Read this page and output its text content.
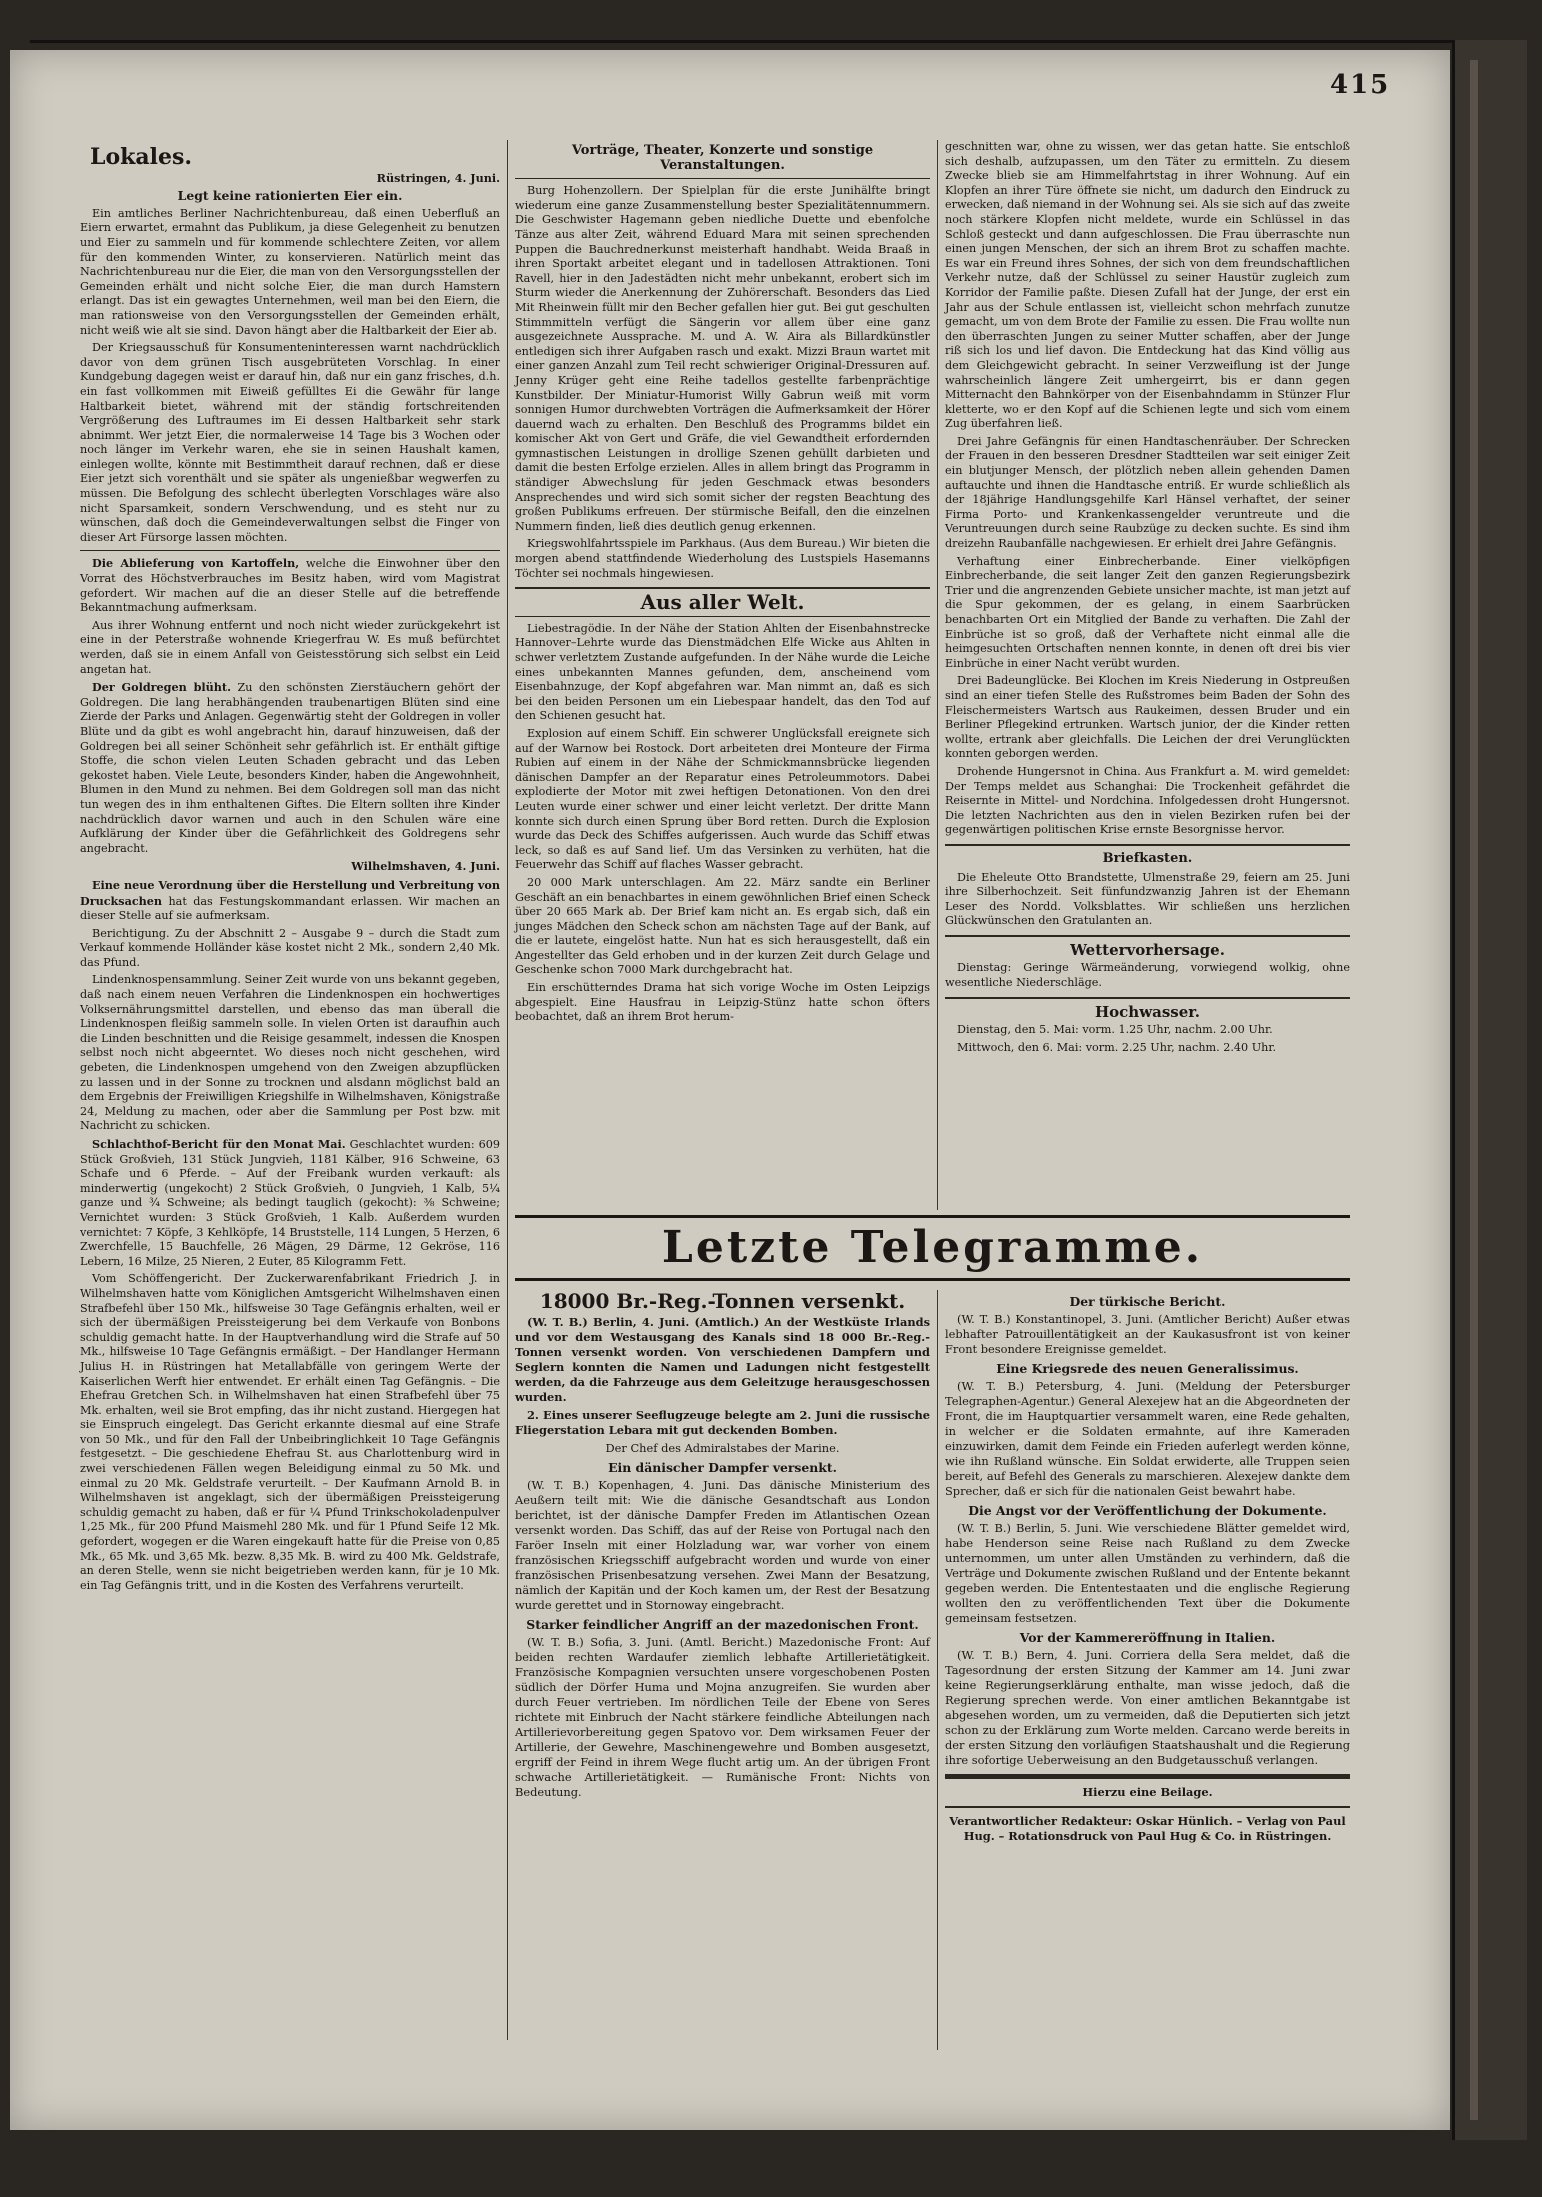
415
Lokales.

Rüstringen, 4. Juni.

Legt keine rationierten Eier ein.

Ein amtliches Berliner Nachrichtenbureau, daß einen Ueberfluß an Eiern erwartet, ermahnt das Publikum, ja diese Gelegenheit zu benutzen und Eier zu sammeln und für kommende schlechtere Zeiten, vor allem für den kommenden Winter, zu konservieren. Natürlich meint das Nachrichtenbureau nur die Eier, die man von den Versorgungsstellen der Gemeinden erhält und nicht solche Eier, die man durch Hamstern erlangt. Das ist ein gewagtes Unternehmen, weil man bei den Eiern, die man rationsweise von den Versorgungsstellen der Gemeinden erhält, nicht weiß wie alt sie sind. Davon hängt aber die Haltbarkeit der Eier ab.

Der Kriegsausschuß für Konsumenteninteressen warnt nachdrücklich davor von dem grünen Tisch ausgebrüteten Vorschlag. In einer Kundgebung dagegen weist er darauf hin, daß nur ein ganz frisches, d.h. ein fast vollkommen mit Eiweiß gefülltes Ei die Gewähr für lange Haltbarkeit bietet, während mit der ständig fortschreitenden Vergrößerung des Luftraumes im Ei dessen Haltbarkeit sehr stark abnimmt. Wer jetzt Eier, die normalerweise 14 Tage bis 3 Wochen oder noch länger im Verkehr waren, ehe sie in seinen Haushalt kamen, einlegen wollte, könnte mit Bestimmtheit darauf rechnen, daß er diese Eier jetzt sich vorenthält und sie später als ungenießbar wegwerfen zu müssen. Die Befolgung des schlecht überlegten Vorschlages wäre also nicht Sparsamkeit, sondern Verschwendung, und es steht nur zu wünschen, daß doch die Gemeindeverwaltungen selbst die Finger von dieser Art Fürsorge lassen möchten.

Die Ablieferung von Kartoffeln, welche die Einwohner über den Vorrat des Höchstverbrauches im Besitz haben, wird vom Magistrat gefordert. Wir machen auf die an dieser Stelle auf die betreffende Bekanntmachung aufmerksam.

Aus ihrer Wohnung entfernt und noch nicht wieder zurückgekehrt ist eine in der Peterstraße wohnende Kriegerfrau W. Es muß befürchtet werden, daß sie in einem Anfall von Geistesstörung sich selbst ein Leid angetan hat.

Der Goldregen blüht. Zu den schönsten Zierstäuchern gehört der Goldregen. Die lang herabhängenden traubenartigen Blüten sind eine Zierde der Parks und Anlagen. Gegenwärtig steht der Goldregen in voller Blüte und da gibt es wohl angebracht hin, darauf hinzuweisen, daß der Goldregen bei all seiner Schönheit sehr gefährlich ist. Er enthält giftige Stoffe, die schon vielen Leuten Schaden gebracht und das Leben gekostet haben. Viele Leute, besonders Kinder, haben die Angewohnheit, Blumen in den Mund zu nehmen. Bei dem Goldregen soll man das nicht tun wegen des in ihm enthaltenen Giftes. Die Eltern sollten ihre Kinder nachdrücklich davor warnen und auch in den Schulen wäre eine Aufklärung der Kinder über die Gefährlichkeit des Goldregens sehr angebracht.

Wilhelmshaven, 4. Juni.

Eine neue Verordnung über die Herstellung und Verbreitung von Drucksachen hat das Festungskommandant erlassen. Wir machen an dieser Stelle auf sie aufmerksam.

Berichtigung. Zu der Abschnitt 2 – Ausgabe 9 – durch die Stadt zum Verkauf kommende Holländer käse kostet nicht 2 Mk., sondern 2,40 Mk. das Pfund.

Lindenknospensammlung. Seiner Zeit wurde von uns bekannt gegeben, daß nach einem neuen Verfahren die Lindenknospen ein hochwertiges Volksernährungsmittel darstellen, und ebenso das man überall die Lindenknospen fleißig sammeln solle. In vielen Orten ist daraufhin auch die Linden beschnitten und die Reisige gesammelt, indessen die Knospen selbst noch nicht abgeerntet. Wo dieses noch nicht geschehen, wird gebeten, die Lindenknospen umgehend von den Zweigen abzupflücken zu lassen und in der Sonne zu trocknen und alsdann möglichst bald an dem Ergebnis der Freiwilligen Kriegshilfe in Wilhelmshaven, Königstraße 24, Meldung zu machen, oder aber die Sammlung per Post bzw. mit Nachricht zu schicken.

Schlachthof-Bericht für den Monat Mai. Geschlachtet wurden: 609 Stück Großvieh, 131 Stück Jungvieh, 1181 Kälber, 916 Schweine, 63 Schafe und 6 Pferde. – Auf der Freibank wurden verkauft: als minderwertig (ungekocht) 2 Stück Großvieh, 0 Jungvieh, 1 Kalb, 5¼ ganze und ¾ Schweine; als bedingt tauglich (gekocht): ⅜ Schweine; Vernichtet wurden: 3 Stück Großvieh, 1 Kalb. Außerdem wurden vernichtet: 7 Köpfe, 3 Kehlköpfe, 14 Bruststelle, 114 Lungen, 5 Herzen, 6 Zwerchfelle, 15 Bauchfelle, 26 Mägen, 29 Därme, 12 Gekröse, 116 Lebern, 16 Milze, 25 Nieren, 2 Euter, 85 Kilogramm Fett.

Vom Schöffengericht. Der Zuckerwarenfabrikant Friedrich J. in Wilhelmshaven hatte vom Königlichen Amtsgericht Wilhelmshaven einen Strafbefehl über 150 Mk., hilfsweise 30 Tage Gefängnis erhalten, weil er sich der übermäßigen Preissteigerung bei dem Verkaufe von Bonbons schuldig gemacht hatte. In der Hauptverhandlung wird die Strafe auf 50 Mk., hilfsweise 10 Tage Gefängnis ermäßigt. – Der Handlanger Hermann Julius H. in Rüstringen hat Metallabfälle von geringem Werte der Kaiserlichen Werft hier entwendet. Er erhält einen Tag Gefängnis. – Die Ehefrau Gretchen Sch. in Wilhelmshaven hat einen Strafbefehl über 75 Mk. erhalten, weil sie Brot empfing, das ihr nicht zustand. Hiergegen hat sie Einspruch eingelegt. Das Gericht erkannte diesmal auf eine Strafe von 50 Mk., und für den Fall der Unbeibringlichkeit 10 Tage Gefängnis festgesetzt. – Die geschiedene Ehefrau St. aus Charlottenburg wird in zwei verschiedenen Fällen wegen Beleidigung einmal zu 50 Mk. und einmal zu 20 Mk. Geldstrafe verurteilt. – Der Kaufmann Arnold B. in Wilhelmshaven ist angeklagt, sich der übermäßigen Preissteigerung schuldig gemacht zu haben, daß er für ¼ Pfund Trinkschokoladenpulver 1,25 Mk., für 200 Pfund Maismehl 280 Mk. und für 1 Pfund Seife 12 Mk. gefordert, wogegen er die Waren eingekauft hatte für die Preise von 0,85 Mk., 65 Mk. und 3,65 Mk. bezw. 8,35 Mk. B. wird zu 400 Mk. Geldstrafe, an deren Stelle, wenn sie nicht beigetrieben werden kann, für je 10 Mk. ein Tag Gefängnis tritt, und in die Kosten des Verfahrens verurteilt.

Vorträge, Theater, Konzerte und sonstige Veranstaltungen.

Burg Hohenzollern. Der Spielplan für die erste Junihälfte bringt wiederum eine ganze Zusammenstellung bester Spezialitätennummern. Die Geschwister Hagemann geben niedliche Duette und ebenfolche Tänze aus alter Zeit, während Eduard Mara mit seinen sprechenden Puppen die Bauchrednerkunst meisterhaft handhabt. Weida Braaß in ihren Sportakt arbeitet elegant und in tadellosen Attraktionen. Toni Ravell, hier in den Jadestädten nicht mehr unbekannt, erobert sich im Sturm wieder die Anerkennung der Zuhörerschaft. Besonders das Lied Mit Rheinwein füllt mir den Becher gefallen hier gut. Bei gut geschulten Stimmmitteln verfügt die Sängerin vor allem über eine ganz ausgezeichnete Aussprache. M. und A. W. Aira als Billardkünstler entledigen sich ihrer Aufgaben rasch und exakt. Mizzi Braun wartet mit einer ganzen Anzahl zum Teil recht schwieriger Original-Dressuren auf. Jenny Krüger geht eine Reihe tadellos gestellte farbenprächtige Kunstbilder. Der Miniatur-Humorist Willy Gabrun weiß mit vorm sonnigen Humor durchwebten Vorträgen die Aufmerksamkeit der Hörer dauernd wach zu erhalten. Den Beschluß des Programms bildet ein komischer Akt von Gert und Gräfe, die viel Gewandtheit erfordernden gymnastischen Leistungen in drollige Szenen gehüllt darbieten und damit die besten Erfolge erzielen. Alles in allem bringt das Programm in ständiger Abwechslung für jeden Geschmack etwas besonders Ansprechendes und wird sich somit sicher der regsten Beachtung des großen Publikums erfreuen. Der stürmische Beifall, den die einzelnen Nummern finden, ließ dies deutlich genug erkennen.

Kriegswohlfahrtsspiele im Parkhaus. (Aus dem Bureau.) Wir bieten die morgen abend stattfindende Wiederholung des Lustspiels Hasemanns Töchter sei nochmals hingewiesen.

Aus aller Welt.

Liebestragödie. In der Nähe der Station Ahlten der Eisenbahnstrecke Hannover–Lehrte wurde das Dienstmädchen Elfe Wicke aus Ahlten in schwer verletztem Zustande aufgefunden. In der Nähe wurde die Leiche eines unbekannten Mannes gefunden, dem, anscheinend vom Eisenbahnzuge, der Kopf abgefahren war. Man nimmt an, daß es sich bei den beiden Personen um ein Liebespaar handelt, das den Tod auf den Schienen gesucht hat.

Explosion auf einem Schiff. Ein schwerer Unglücksfall ereignete sich auf der Warnow bei Rostock. Dort arbeiteten drei Monteure der Firma Rubien auf einem in der Nähe der Schmickmannsbrücke liegenden dänischen Dampfer an der Reparatur eines Petroleummotors. Dabei explodierte der Motor mit zwei heftigen Detonationen. Von den drei Leuten wurde einer schwer und einer leicht verletzt. Der dritte Mann konnte sich durch einen Sprung über Bord retten. Durch die Explosion wurde das Deck des Schiffes aufgerissen. Auch wurde das Schiff etwas leck, so daß es auf Sand lief. Um das Versinken zu verhüten, hat die Feuerwehr das Schiff auf flaches Wasser gebracht.

20 000 Mark unterschlagen. Am 22. März sandte ein Berliner Geschäft an ein benachbartes in einem gewöhnlichen Brief einen Scheck über 20 665 Mark ab. Der Brief kam nicht an. Es ergab sich, daß ein junges Mädchen den Scheck schon am nächsten Tage auf der Bank, auf die er lautete, eingelöst hatte. Nun hat es sich herausgestellt, daß ein Angestellter das Geld erhoben und in der kurzen Zeit durch Gelage und Geschenke schon 7000 Mark durchgebracht hat.

Ein erschütterndes Drama hat sich vorige Woche im Osten Leipzigs abgespielt. Eine Hausfrau in Leipzig-Stünz hatte schon öfters beobachtet, daß an ihrem Brot herum-

geschnitten war, ohne zu wissen, wer das getan hatte. Sie entschloß sich deshalb, aufzupassen, um den Täter zu ermitteln. Zu diesem Zwecke blieb sie am Himmelfahrtstag in ihrer Wohnung. Auf ein Klopfen an ihrer Türe öffnete sie nicht, um dadurch den Eindruck zu erwecken, daß niemand in der Wohnung sei. Als sie sich auf das zweite noch stärkere Klopfen nicht meldete, wurde ein Schlüssel in das Schloß gesteckt und dann aufgeschlossen. Die Frau überraschte nun einen jungen Menschen, der sich an ihrem Brot zu schaffen machte. Es war ein Freund ihres Sohnes, der sich von dem freundschaftlichen Verkehr nutze, daß der Schlüssel zu seiner Haustür zugleich zum Korridor der Familie paßte. Diesen Zufall hat der Junge, der erst ein Jahr aus der Schule entlassen ist, vielleicht schon mehrfach zunutze gemacht, um von dem Brote der Familie zu essen. Die Frau wollte nun den überraschten Jungen zu seiner Mutter schaffen, aber der Junge riß sich los und lief davon. Die Entdeckung hat das Kind völlig aus dem Gleichgewicht gebracht. In seiner Verzweiflung ist der Junge wahrscheinlich längere Zeit umhergeirrt, bis er dann gegen Mitternacht den Bahnkörper von der Eisenbahndamm in Stünzer Flur kletterte, wo er den Kopf auf die Schienen legte und sich vom einem Zug überfahren ließ.

Drei Jahre Gefängnis für einen Handtaschenräuber. Der Schrecken der Frauen in den besseren Dresdner Stadtteilen war seit einiger Zeit ein blutjunger Mensch, der plötzlich neben allein gehenden Damen auftauchte und ihnen die Handtasche entriß. Er wurde schließlich als der 18jährige Handlungsgehilfe Karl Hänsel verhaftet, der seiner Firma Porto- und Krankenkassengelder veruntreute und die Veruntreuungen durch seine Raubzüge zu decken suchte. Es sind ihm dreizehn Raubanfälle nachgewiesen. Er erhielt drei Jahre Gefängnis.

Verhaftung einer Einbrecherbande. Einer vielköpfigen Einbrecherbande, die seit langer Zeit den ganzen Regierungsbezirk Trier und die angrenzenden Gebiete unsicher machte, ist man jetzt auf die Spur gekommen, der es gelang, in einem Saarbrücken benachbarten Ort ein Mitglied der Bande zu verhaften. Die Zahl der Einbrüche ist so groß, daß der Verhaftete nicht einmal alle die heimgesuchten Ortschaften nennen konnte, in denen oft drei bis vier Einbrüche in einer Nacht verübt wurden.

Drei Badeunglücke. Bei Klochen im Kreis Niederung in Ostpreußen sind an einer tiefen Stelle des Rußstromes beim Baden der Sohn des Fleischermeisters Wartsch aus Raukeimen, dessen Bruder und ein Berliner Pflegekind ertrunken. Wartsch junior, der die Kinder retten wollte, ertrank aber gleichfalls. Die Leichen der drei Verunglückten konnten geborgen werden.

Drohende Hungersnot in China. Aus Frankfurt a. M. wird gemeldet: Der Temps meldet aus Schanghai: Die Trockenheit gefährdet die Reisernte in Mittel- und Nordchina. Infolgedessen droht Hungersnot. Die letzten Nachrichten aus den in vielen Bezirken rufen bei der gegenwärtigen politischen Krise ernste Besorgnisse hervor.

Briefkasten.

Die Eheleute Otto Brandstette, Ulmenstraße 29, feiern am 25. Juni ihre Silberhochzeit. Seit fünfundzwanzig Jahren ist der Ehemann Leser des Nordd. Volksblattes. Wir schließen uns herzlichen Glückwünschen den Gratulanten an.

Wettervorhersage.

Dienstag: Geringe Wärmeänderung, vorwiegend wolkig, ohne wesentliche Niederschläge.

Hochwasser.

Dienstag, den 5. Mai: vorm. 1.25 Uhr, nachm. 2.00 Uhr.

Mittwoch, den 6. Mai: vorm. 2.25 Uhr, nachm. 2.40 Uhr.

Letzte Telegramme.
18000 Br.-Reg.-Tonnen versenkt.

(W. T. B.) Berlin, 4. Juni. (Amtlich.) An der Westküste Irlands und vor dem Westausgang des Kanals sind 18 000 Br.-Reg.-Tonnen versenkt worden. Von verschiedenen Dampfern und Seglern konnten die Namen und Ladungen nicht festgestellt werden, da die Fahrzeuge aus dem Geleitzuge herausgeschossen wurden.

2. Eines unserer Seeflugzeuge belegte am 2. Juni die russische Fliegerstation Lebara mit gut deckenden Bomben.

Der Chef des Admiralstabes der Marine.

Ein dänischer Dampfer versenkt.

(W. T. B.) Kopenhagen, 4. Juni. Das dänische Ministerium des Aeußern teilt mit: Wie die dänische Gesandtschaft aus London berichtet, ist der dänische Dampfer Freden im Atlantischen Ozean versenkt worden. Das Schiff, das auf der Reise von Portugal nach den Faröer Inseln mit einer Holzladung war, war vorher von einem französischen Kriegsschiff aufgebracht worden und wurde von einer französischen Prisenbesatzung versehen. Zwei Mann der Besatzung, nämlich der Kapitän und der Koch kamen um, der Rest der Besatzung wurde gerettet und in Stornoway eingebracht.

Starker feindlicher Angriff an der mazedonischen Front.

(W. T. B.) Sofia, 3. Juni. (Amtl. Bericht.) Mazedonische Front: Auf beiden rechten Wardaufer ziemlich lebhafte Artillerietätigkeit. Französische Kompagnien versuchten unsere vorgeschobenen Posten südlich der Dörfer Huma und Mojna anzugreifen. Sie wurden aber durch Feuer vertrieben. Im nördlichen Teile der Ebene von Seres richtete mit Einbruch der Nacht stärkere feindliche Abteilungen nach Artillerievorbereitung gegen Spatovo vor. Dem wirksamen Feuer der Artillerie, der Gewehre, Maschinengewehre und Bomben ausgesetzt, ergriff der Feind in ihrem Wege flucht artig um. An der übrigen Front schwache Artillerietätigkeit. — Rumänische Front: Nichts von Bedeutung.

Der türkische Bericht.

(W. T. B.) Konstantinopel, 3. Juni. (Amtlicher Bericht) Außer etwas lebhafter Patrouillentätigkeit an der Kaukasusfront ist von keiner Front besondere Ereignisse gemeldet.

Eine Kriegsrede des neuen Generalissimus.

(W. T. B.) Petersburg, 4. Juni. (Meldung der Petersburger Telegraphen-Agentur.) General Alexejew hat an die Abgeordneten der Front, die im Hauptquartier versammelt waren, eine Rede gehalten, in welcher er die Soldaten ermahnte, auf ihre Kameraden einzuwirken, damit dem Feinde ein Frieden auferlegt werden könne, wie ihn Rußland wünsche. Ein Soldat erwiderte, alle Truppen seien bereit, auf Befehl des Generals zu marschieren. Alexejew dankte dem Sprecher, daß er sich für die nationalen Geist bewahrt habe.

Die Angst vor der Veröffentlichung der Dokumente.

(W. T. B.) Berlin, 5. Juni. Wie verschiedene Blätter gemeldet wird, habe Henderson seine Reise nach Rußland zu dem Zwecke unternommen, um unter allen Umständen zu verhindern, daß die Verträge und Dokumente zwischen Rußland und der Entente bekannt gegeben werden. Die Ententestaaten und die englische Regierung wollten den zu veröffentlichenden Text über die Dokumente gemeinsam festsetzen.

Vor der Kammereröffnung in Italien.

(W. T. B.) Bern, 4. Juni. Corriera della Sera meldet, daß die Tagesordnung der ersten Sitzung der Kammer am 14. Juni zwar keine Regierungserklärung enthalte, man wisse jedoch, daß die Regierung sprechen werde. Von einer amtlichen Bekanntgabe ist abgesehen worden, um zu vermeiden, daß die Deputierten sich jetzt schon zu der Erklärung zum Worte melden. Carcano werde bereits in der ersten Sitzung den vorläufigen Staatshaushalt und die Regierung ihre sofortige Ueberweisung an den Budgetausschuß verlangen.

Hierzu eine Beilage.

Verantwortlicher Redakteur: Oskar Hünlich. – Verlag von Paul Hug. – Rotationsdruck von Paul Hug & Co. in Rüstringen.
